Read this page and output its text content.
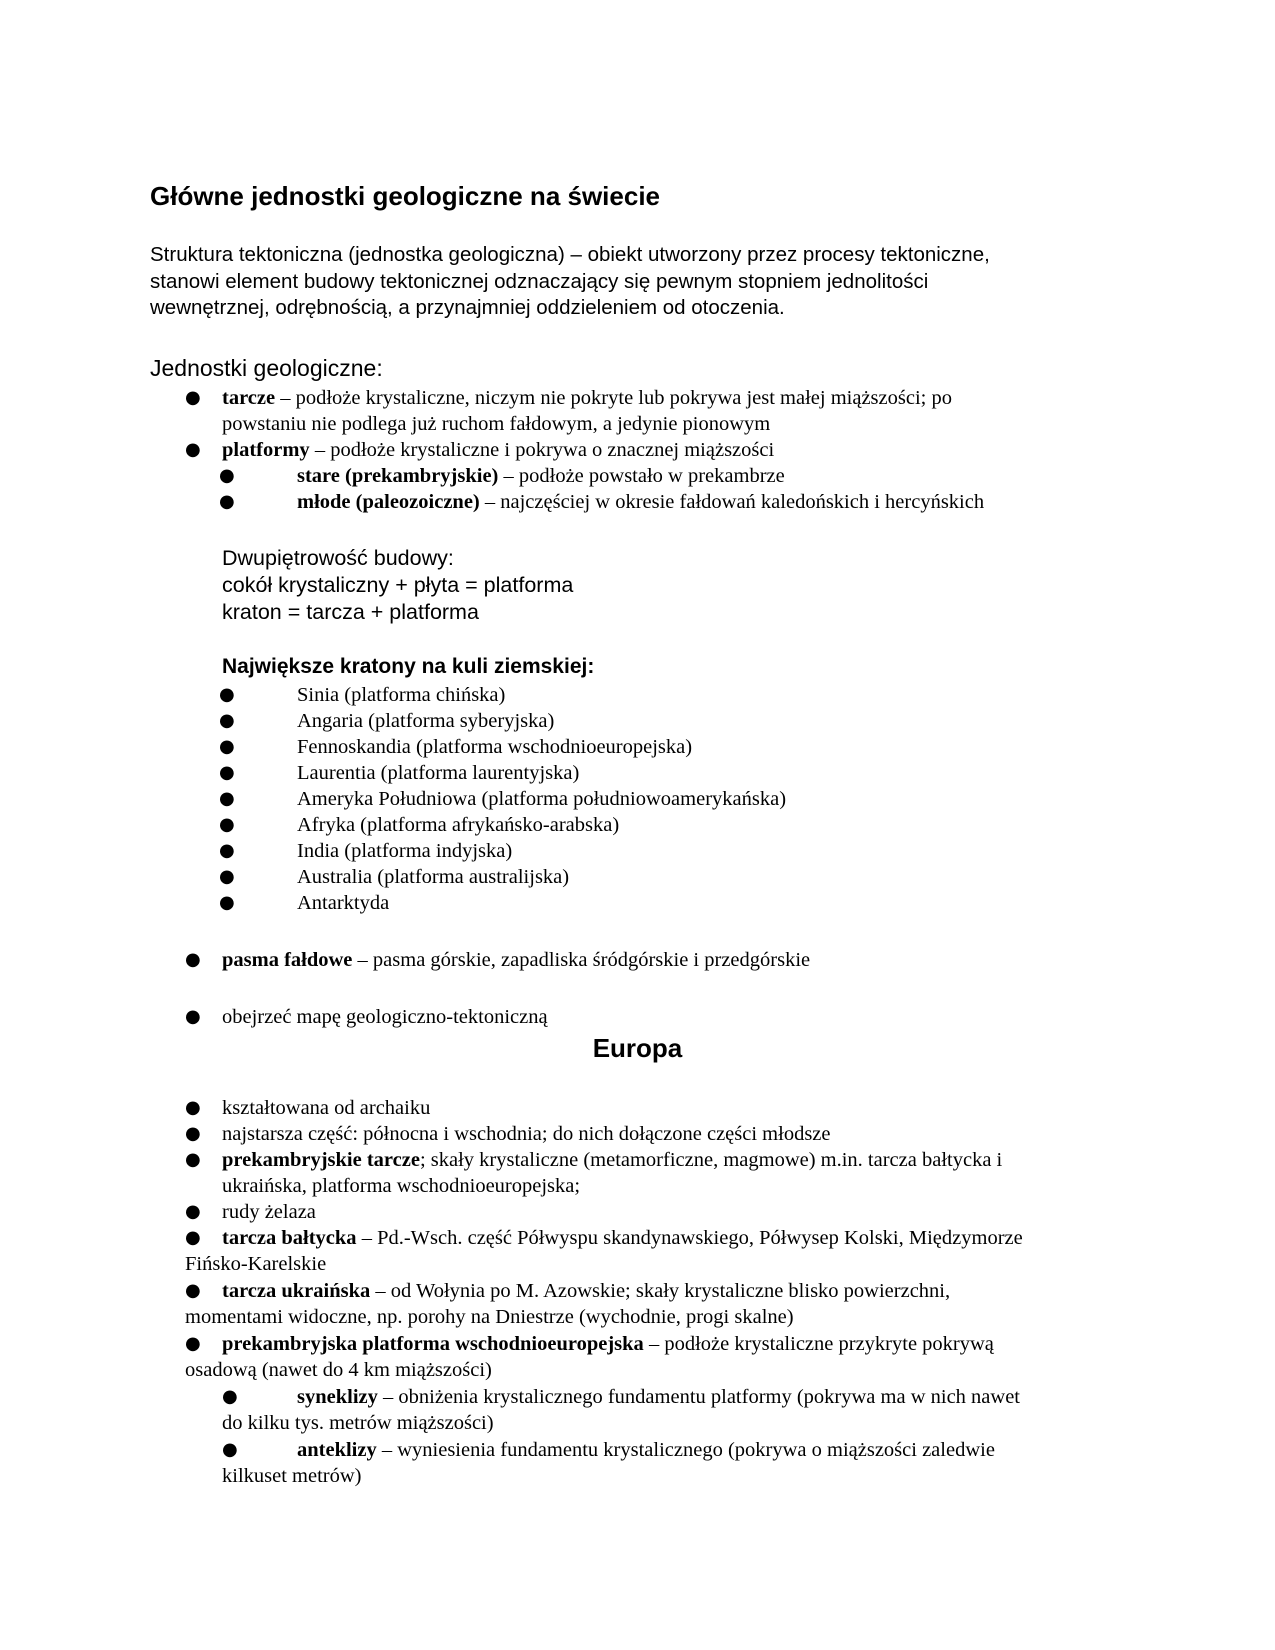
Główne jednostki geologiczne na świecie
Struktura tektoniczna (jednostka geologiczna) – obiekt utworzony przez procesy tektoniczne,
stanowi element budowy tektonicznej odznaczający się pewnym stopniem jednolitości
wewnętrznej, odrębnością, a przynajmniej oddzieleniem od otoczenia.
Jednostki geologiczne:
● tarcze – podłoże krystaliczne, niczym nie pokryte lub pokrywa jest małej miąższości; po
powstaniu nie podlega już ruchom fałdowym, a jedynie pionowym
● platformy – podłoże krystaliczne i pokrywa o znacznej miąższości
●	stare (prekambryjskie) – podłoże powstało w prekambrze
●	młode (paleozoiczne) – najczęściej w okresie fałdowań kaledońskich i hercyńskich
Dwupiętrowość budowy:
cokół krystaliczny + płyta = platforma
kraton = tarcza + platforma
Największe kratony na kuli ziemskiej:
●	Sinia (platforma chińska)
●	Angaria (platforma syberyjska)
●	Fennoskandia (platforma wschodnioeuropejska)
●	Laurentia (platforma laurentyjska)
●	Ameryka Południowa (platforma południowoamerykańska)
●	Afryka (platforma afrykańsko-arabska)
●	India (platforma indyjska)
●	Australia (platforma australijska)
●	Antarktyda
● pasma fałdowe – pasma górskie, zapadliska śródgórskie i przedgórskie
● obejrzeć mapę geologiczno-tektoniczną
Europa
● kształtowana od archaiku
● najstarsza część: północna i wschodnia; do nich dołączone części młodsze
● prekambryjskie tarcze; skały krystaliczne (metamorficzne, magmowe) m.in. tarcza bałtycka i
ukraińska, platforma wschodnioeuropejska;
● rudy żelaza
● tarcza bałtycka – Pd.-Wsch. część Półwyspu skandynawskiego, Półwysep Kolski, Międzymorze
Fińsko-Karelskie
● tarcza ukraińska – od Wołynia po M. Azowskie; skały krystaliczne blisko powierzchni,
momentami widoczne, np. porohy na Dniestrze (wychodnie, progi skalne)
● prekambryjska platforma wschodnioeuropejska – podłoże krystaliczne przykryte pokrywą
osadową (nawet do 4 km miąższości)
●	syneklizy – obniżenia krystalicznego fundamentu platformy (pokrywa ma w nich nawet
do kilku tys. metrów miąższości)
●	anteklizy – wyniesienia fundamentu krystalicznego (pokrywa o miąższości zaledwie
kilkuset metrów)
